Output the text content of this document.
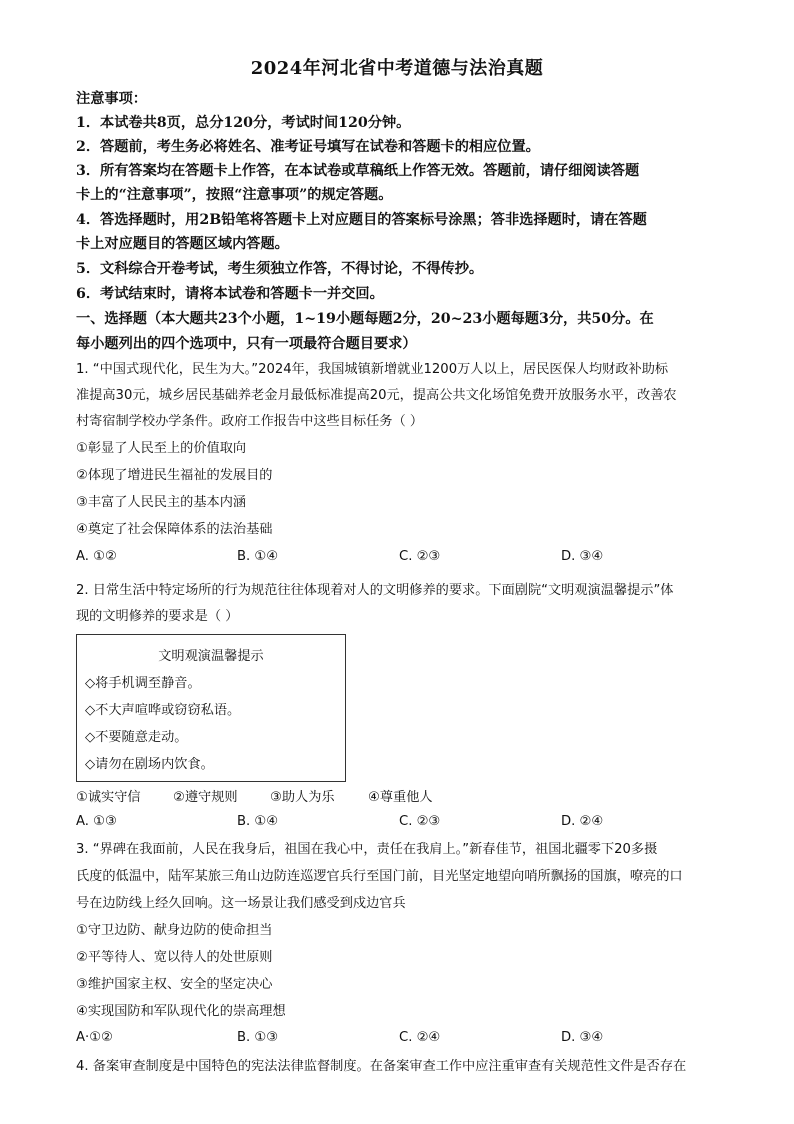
2024年河北省中考道德与法治真题
注意事项：
1．本试卷共8页，总分120分，考试时间120分钟。
2．答题前，考生务必将姓名、准考证号填写在试卷和答题卡的相应位置。
3．所有答案均在答题卡上作答，在本试卷或草稿纸上作答无效。答题前，请仔细阅读答题
卡上的“注意事项”，按照“注意事项”的规定答题。
4．答选择题时，用2B铅笔将答题卡上对应题目的答案标号涂黑；答非选择题时，请在答题
卡上对应题目的答题区域内答题。
5．文科综合开卷考试，考生须独立作答，不得讨论，不得传抄。
6．考试结束时，请将本试卷和答题卡一并交回。
一、选择题（本大题共23个小题，1~19小题每题2分，20~23小题每题3分，共50分。在
每小题列出的四个选项中，只有一项最符合题目要求）
1. “中国式现代化，民生为大。”2024年，我国城镇新增就业1200万人以上，居民医保人均财政补助标
准提高30元，城乡居民基础养老金月最低标准提高20元，提高公共文化场馆免费开放服务水平，改善农
村寄宿制学校办学条件。政府工作报告中这些目标任务（ ）
①彰显了人民至上的价值取向
②体现了增进民生福祉的发展目的
③丰富了人民民主的基本内涵
④奠定了社会保障体系的法治基础
A. ①②	B. ①④	C. ②③	D. ③④
2. 日常生活中特定场所的行为规范往往体现着对人的文明修养的要求。下面剧院“文明观演温馨提示”体
现的文明修养的要求是（ ）
文明观演温馨提示
◇将手机调至静音。
◇不大声喧哗或窃窃私语。
◇不要随意走动。
◇请勿在剧场内饮食。
①诚实守信 ②遵守规则 ③助人为乐	④尊重他人
A. ①③	B. ①④	C. ②③	D. ②④
3. “界碑在我面前，人民在我身后，祖国在我心中，责任在我肩上。”新春佳节，祖国北疆零下20多摄
氏度的低温中，陆军某旅三角山边防连巡逻官兵行至国门前，目光坚定地望向哨所飘扬的国旗，嘹亮的口
号在边防线上经久回响。这一场景让我们感受到戍边官兵
①守卫边防、献身边防的使命担当
②平等待人、宽以待人的处世原则
③维护国家主权、安全的坚定决心
④实现国防和军队现代化的崇高理想
A·①②	B. ①③	C. ②④	D. ③④
4. 备案审查制度是中国特色的宪法法律监督制度。在备案审查工作中应注重审查有关规范性文件是否存在
